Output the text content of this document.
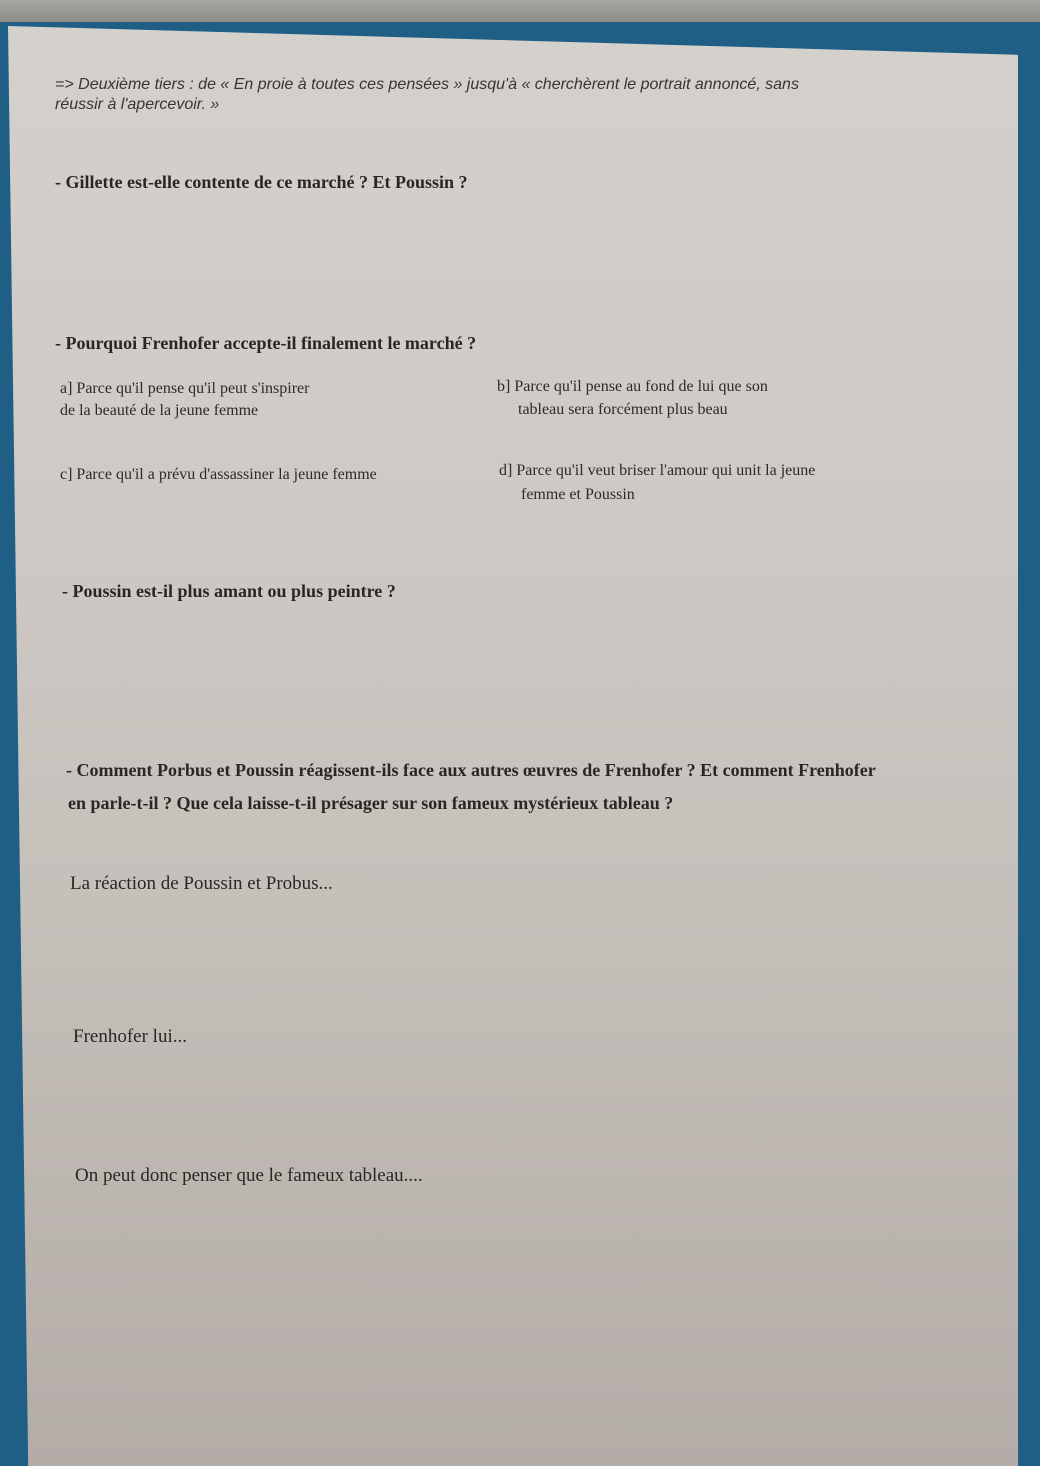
=> Deuxième tiers : de « En proie à toutes ces pensées » jusqu'à « cherchèrent le portrait annoncé, sans
réussir à l'apercevoir. »
- Gillette est-elle contente de ce marché ? Et Poussin ?
- Pourquoi Frenhofer accepte-il finalement le marché ?
a] Parce qu'il pense qu'il peut s'inspirer
de la beauté de la jeune femme
b] Parce qu'il pense au fond de lui que son
tableau sera forcément plus beau
c] Parce qu'il a prévu d'assassiner la jeune femme	d] Parce qu'il veut briser l'amour qui unit la jeune
femme et Poussin
- Poussin est-il plus amant ou plus peintre ?
- Comment Porbus et Poussin réagissent-ils face aux autres œuvres de Frenhofer ? Et comment Frenhofer
en parle-t-il ? Que cela laisse-t-il présager sur son fameux mystérieux tableau ?
La réaction de Poussin et Probus...
Frenhofer lui...
On peut donc penser que le fameux tableau....
